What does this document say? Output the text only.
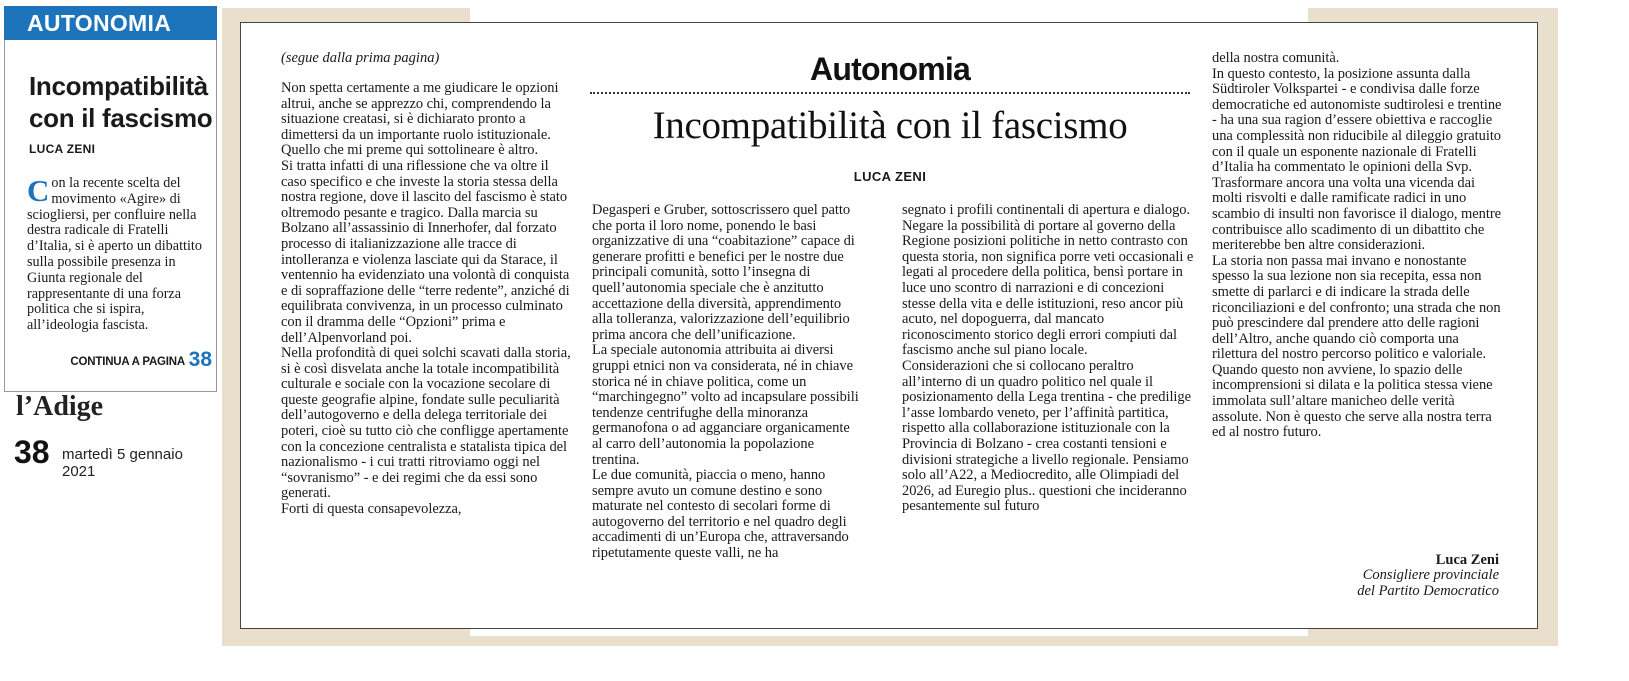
AUTONOMIA
Incompatibilità con il fascismo
LUCA ZENI

Con la recente scelta del movimento «Agire» di sciogliersi, per confluire nella destra radicale di Fratelli d’Italia, si è aperto un dibattito sulla possibile presenza in Giunta regionale del rappresentante di una forza politica che si ispira, all’ideologia fascista.

CONTINUA A PAGINA 38
l’Adige
38 martedì 5 gennaio 2021
(segue dalla prima pagina)	Autonomia
Incompatibilità con il fascismo
LUCA ZENI

Non spetta certamente a me giudicare le opzioni altrui, anche se apprezzo chi, comprendendo la situazione creatasi, si è dichiarato pronto a dimettersi da un importante ruolo istituzionale. Quello che mi preme qui sottolineare è altro.

Si tratta infatti di una riflessione che va oltre il caso specifico e che investe la storia stessa della nostra regione, dove il lascito del fascismo è stato oltremodo pesante e tragico. Dalla marcia su Bolzano all’assassinio di Innerhofer, dal forzato processo di italianizzazione alle tracce di intolleranza e violenza lasciate qui da Starace, il ventennio ha evidenziato una volontà di conquista e di sopraffazione delle “terre redente”, anziché di equilibrata convivenza, in un processo culminato con il dramma delle “Opzioni” prima e dell’Alpenvorland poi.

Nella profondità di quei solchi scavati dalla storia, si è così disvelata anche la totale incompatibilità culturale e sociale con la vocazione secolare di queste geografie alpine, fondate sulle peculiarità dell’autogoverno e della delega territoriale dei poteri, cioè su tutto ciò che confligge apertamente con la concezione centralista e statalista tipica del nazionalismo - i cui tratti ritroviamo oggi nel “sovranismo” - e dei regimi che da essi sono generati.

Forti di questa consapevolezza,

Degasperi e Gruber, sottoscrissero quel patto che porta il loro nome, ponendo le basi organizzative di una “coabitazione” capace di generare profitti e benefici per le nostre due principali comunità, sotto l’insegna di quell’autonomia speciale che è anzitutto accettazione della diversità, apprendimento alla tolleranza, valorizzazione dell’equilibrio prima ancora che dell’unificazione.

La speciale autonomia attribuita ai diversi gruppi etnici non va considerata, né in chiave storica né in chiave politica, come un “marchingegno” volto ad incapsulare possibili tendenze centrifughe della minoranza germanofona o ad agganciare organicamente al carro dell’autonomia la popolazione trentina.

Le due comunità, piaccia o meno, hanno sempre avuto un comune destino e sono maturate nel contesto di secolari forme di autogoverno del territorio e nel quadro degli accadimenti di un’Europa che, attraversando ripetutamente queste valli, ne ha

segnato i profili continentali di apertura e dialogo.

Negare la possibilità di portare al governo della Regione posizioni politiche in netto contrasto con questa storia, non significa porre veti occasionali e legati al procedere della politica, bensì portare in luce uno scontro di narrazioni e di concezioni stesse della vita e delle istituzioni, reso ancor più acuto, nel dopoguerra, dal mancato riconoscimento storico degli errori compiuti dal fascismo anche sul piano locale.

Considerazioni che si collocano peraltro all’interno di un quadro politico nel quale il posizionamento della Lega trentina - che predilige l’asse lombardo veneto, per l’affinità partitica, rispetto alla collaborazione istituzionale con la Provincia di Bolzano - crea costanti tensioni e divisioni strategiche a livello regionale. Pensiamo solo all’A22, a Mediocredito, alle Olimpiadi del 2026, ad Euregio plus.. questioni che incideranno pesantemente sul futuro

della nostra comunità.

In questo contesto, la posizione assunta dalla Südtiroler Volkspartei - e condivisa dalle forze democratiche ed autonomiste sudtirolesi e trentine - ha una sua ragion d’essere obiettiva e raccoglie una complessità non riducibile al dileggio gratuito con il quale un esponente nazionale di Fratelli d’Italia ha commentato le opinioni della Svp. Trasformare ancora una volta una vicenda dai molti risvolti e dalle ramificate radici in uno scambio di insulti non favorisce il dialogo, mentre contribuisce allo scadimento di un dibattito che meriterebbe ben altre considerazioni.

La storia non passa mai invano e nonostante spesso la sua lezione non sia recepita, essa non smette di parlarci e di indicare la strada delle riconciliazioni e del confronto; una strada che non può prescindere dal prendere atto delle ragioni dell’Altro, anche quando ciò comporta una rilettura del nostro percorso politico e valoriale.

Quando questo non avviene, lo spazio delle incomprensioni si dilata e la politica stessa viene immolata sull’altare manicheo delle verità assolute. Non è questo che serve alla nostra terra ed al nostro futuro.

Luca Zeni
Consigliere provinciale
del Partito Democratico
